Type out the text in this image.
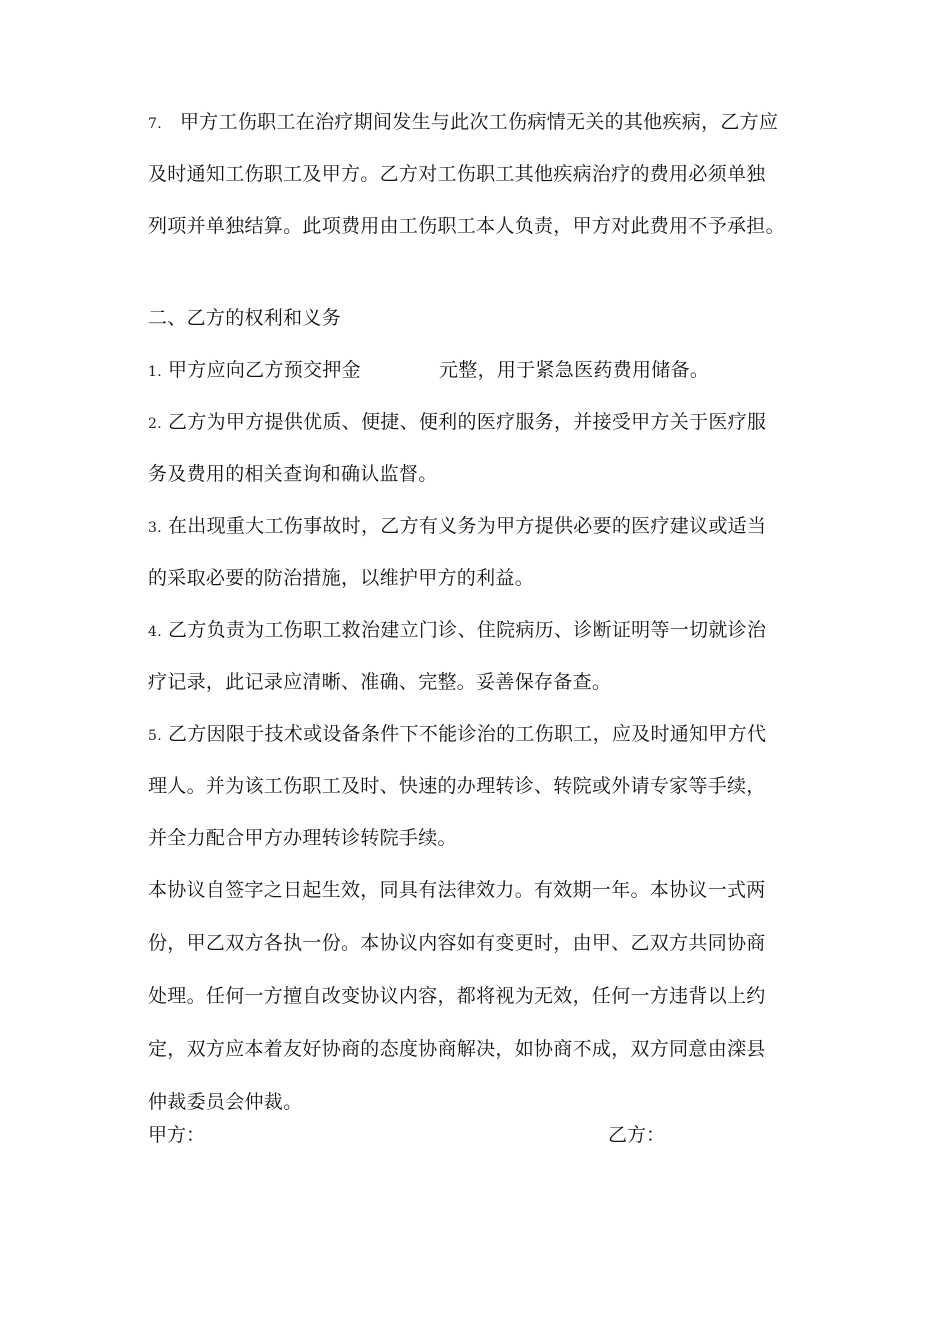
7. 甲方工伤职工在治疗期间发生与此次工伤病情无关的其他疾病，乙方应
及时通知工伤职工及甲方。乙方对工伤职工其他疾病治疗的费用必须单独
列项并单独结算。此项费用由工伤职工本人负责，甲方对此费用不予承担。
二、乙方的权利和义务
1. 甲方应向乙方预交押金	元整，用于紧急医药费用储备。
2. 乙方为甲方提供优质、便捷、便利的医疗服务，并接受甲方关于医疗服
务及费用的相关查询和确认监督。
3. 在出现重大工伤事故时，乙方有义务为甲方提供必要的医疗建议或适当
的采取必要的防治措施，以维护甲方的利益。
4. 乙方负责为工伤职工救治建立门诊、住院病历、诊断证明等一切就诊治
疗记录，此记录应清晰、准确、完整。妥善保存备查。
5. 乙方因限于技术或设备条件下不能诊治的工伤职工，应及时通知甲方代
理人。并为该工伤职工及时、快速的办理转诊、转院或外请专家等手续，
并全力配合甲方办理转诊转院手续。
本协议自签字之日起生效，同具有法律效力。有效期一年。本协议一式两
份，甲乙双方各执一份。本协议内容如有变更时，由甲、乙双方共同协商
处理。任何一方擅自改变协议内容，都将视为无效，任何一方违背以上约
定，双方应本着友好协商的态度协商解决，如协商不成，双方同意由滦县
仲裁委员会仲裁。
甲方：	乙方：
